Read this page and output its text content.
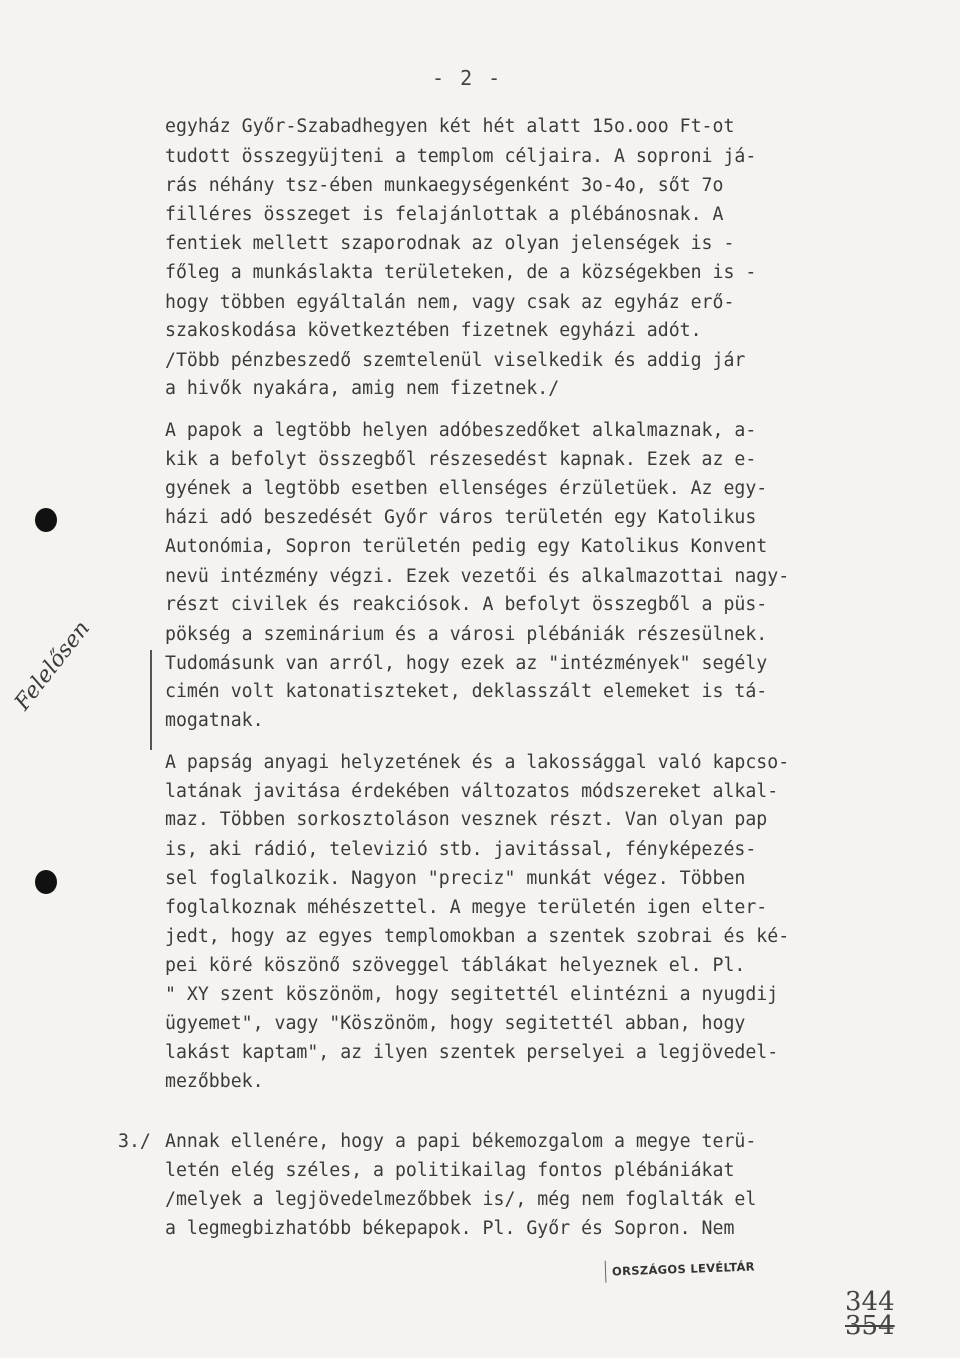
- 2 -
egyház Győr-Szabadhegyen két hét alatt 15o.ooo Ft-ot
tudott összegyüjteni a templom céljaira. A soproni já-
rás néhány tsz-ében munkaegységenként 3o-4o, sőt 7o
filléres összeget is felajánlottak a plébánosnak. A
fentiek mellett szaporodnak az olyan jelenségek is -
főleg a munkáslakta területeken, de a községekben is -
hogy többen egyáltalán nem, vagy csak az egyház erő-
szakoskodása következtében fizetnek egyházi adót.
/Több pénzbeszedő szemtelenül viselkedik és addig jár
a hivők nyakára, amig nem fizetnek./
A papok a legtöbb helyen adóbeszedőket alkalmaznak, a-
kik a befolyt összegből részesedést kapnak. Ezek az e-
gyének a legtöbb esetben ellenséges érzületüek. Az egy-
házi adó beszedését Győr város területén egy Katolikus
Autonómia, Sopron területén pedig egy Katolikus Konvent
nevü intézmény végzi. Ezek vezetői és alkalmazottai nagy-
részt civilek és reakciósok. A befolyt összegből a püs-
pökség a szeminárium és a városi plébániák részesülnek.
Tudomásunk van arról, hogy ezek az "intézmények" segély
cimén volt katonatiszteket, deklasszált elemeket is tá-
mogatnak.
Felelősen
A papság anyagi helyzetének és a lakossággal való kapcso-
latának javitása érdekében változatos módszereket alkal-
maz. Többen sorkosztoláson vesznek részt. Van olyan pap
is, aki rádió, televizió stb. javitással, fényképezés-
sel foglalkozik. Nagyon "preciz" munkát végez. Többen
foglalkoznak méhészettel. A megye területén igen elter-
jedt, hogy az egyes templomokban a szentek szobrai és ké-
pei köré köszönő szöveggel táblákat helyeznek el. Pl.
" XY szent köszönöm, hogy segitettél elintézni a nyugdij
ügyemet", vagy "Köszönöm, hogy segitettél abban, hogy
lakást kaptam", az ilyen szentek perselyei a legjövedel-
mezőbbek.
3./ Annak ellenére, hogy a papi békemozgalom a megye terü-
letén elég széles, a politikailag fontos plébániákat
/melyek a legjövedelmezőbbek is/, még nem foglalták el
a legmegbizhatóbb békepapok. Pl. Győr és Sopron. Nem
ORSZÁGOS LEVÉLTÁR
344
354
